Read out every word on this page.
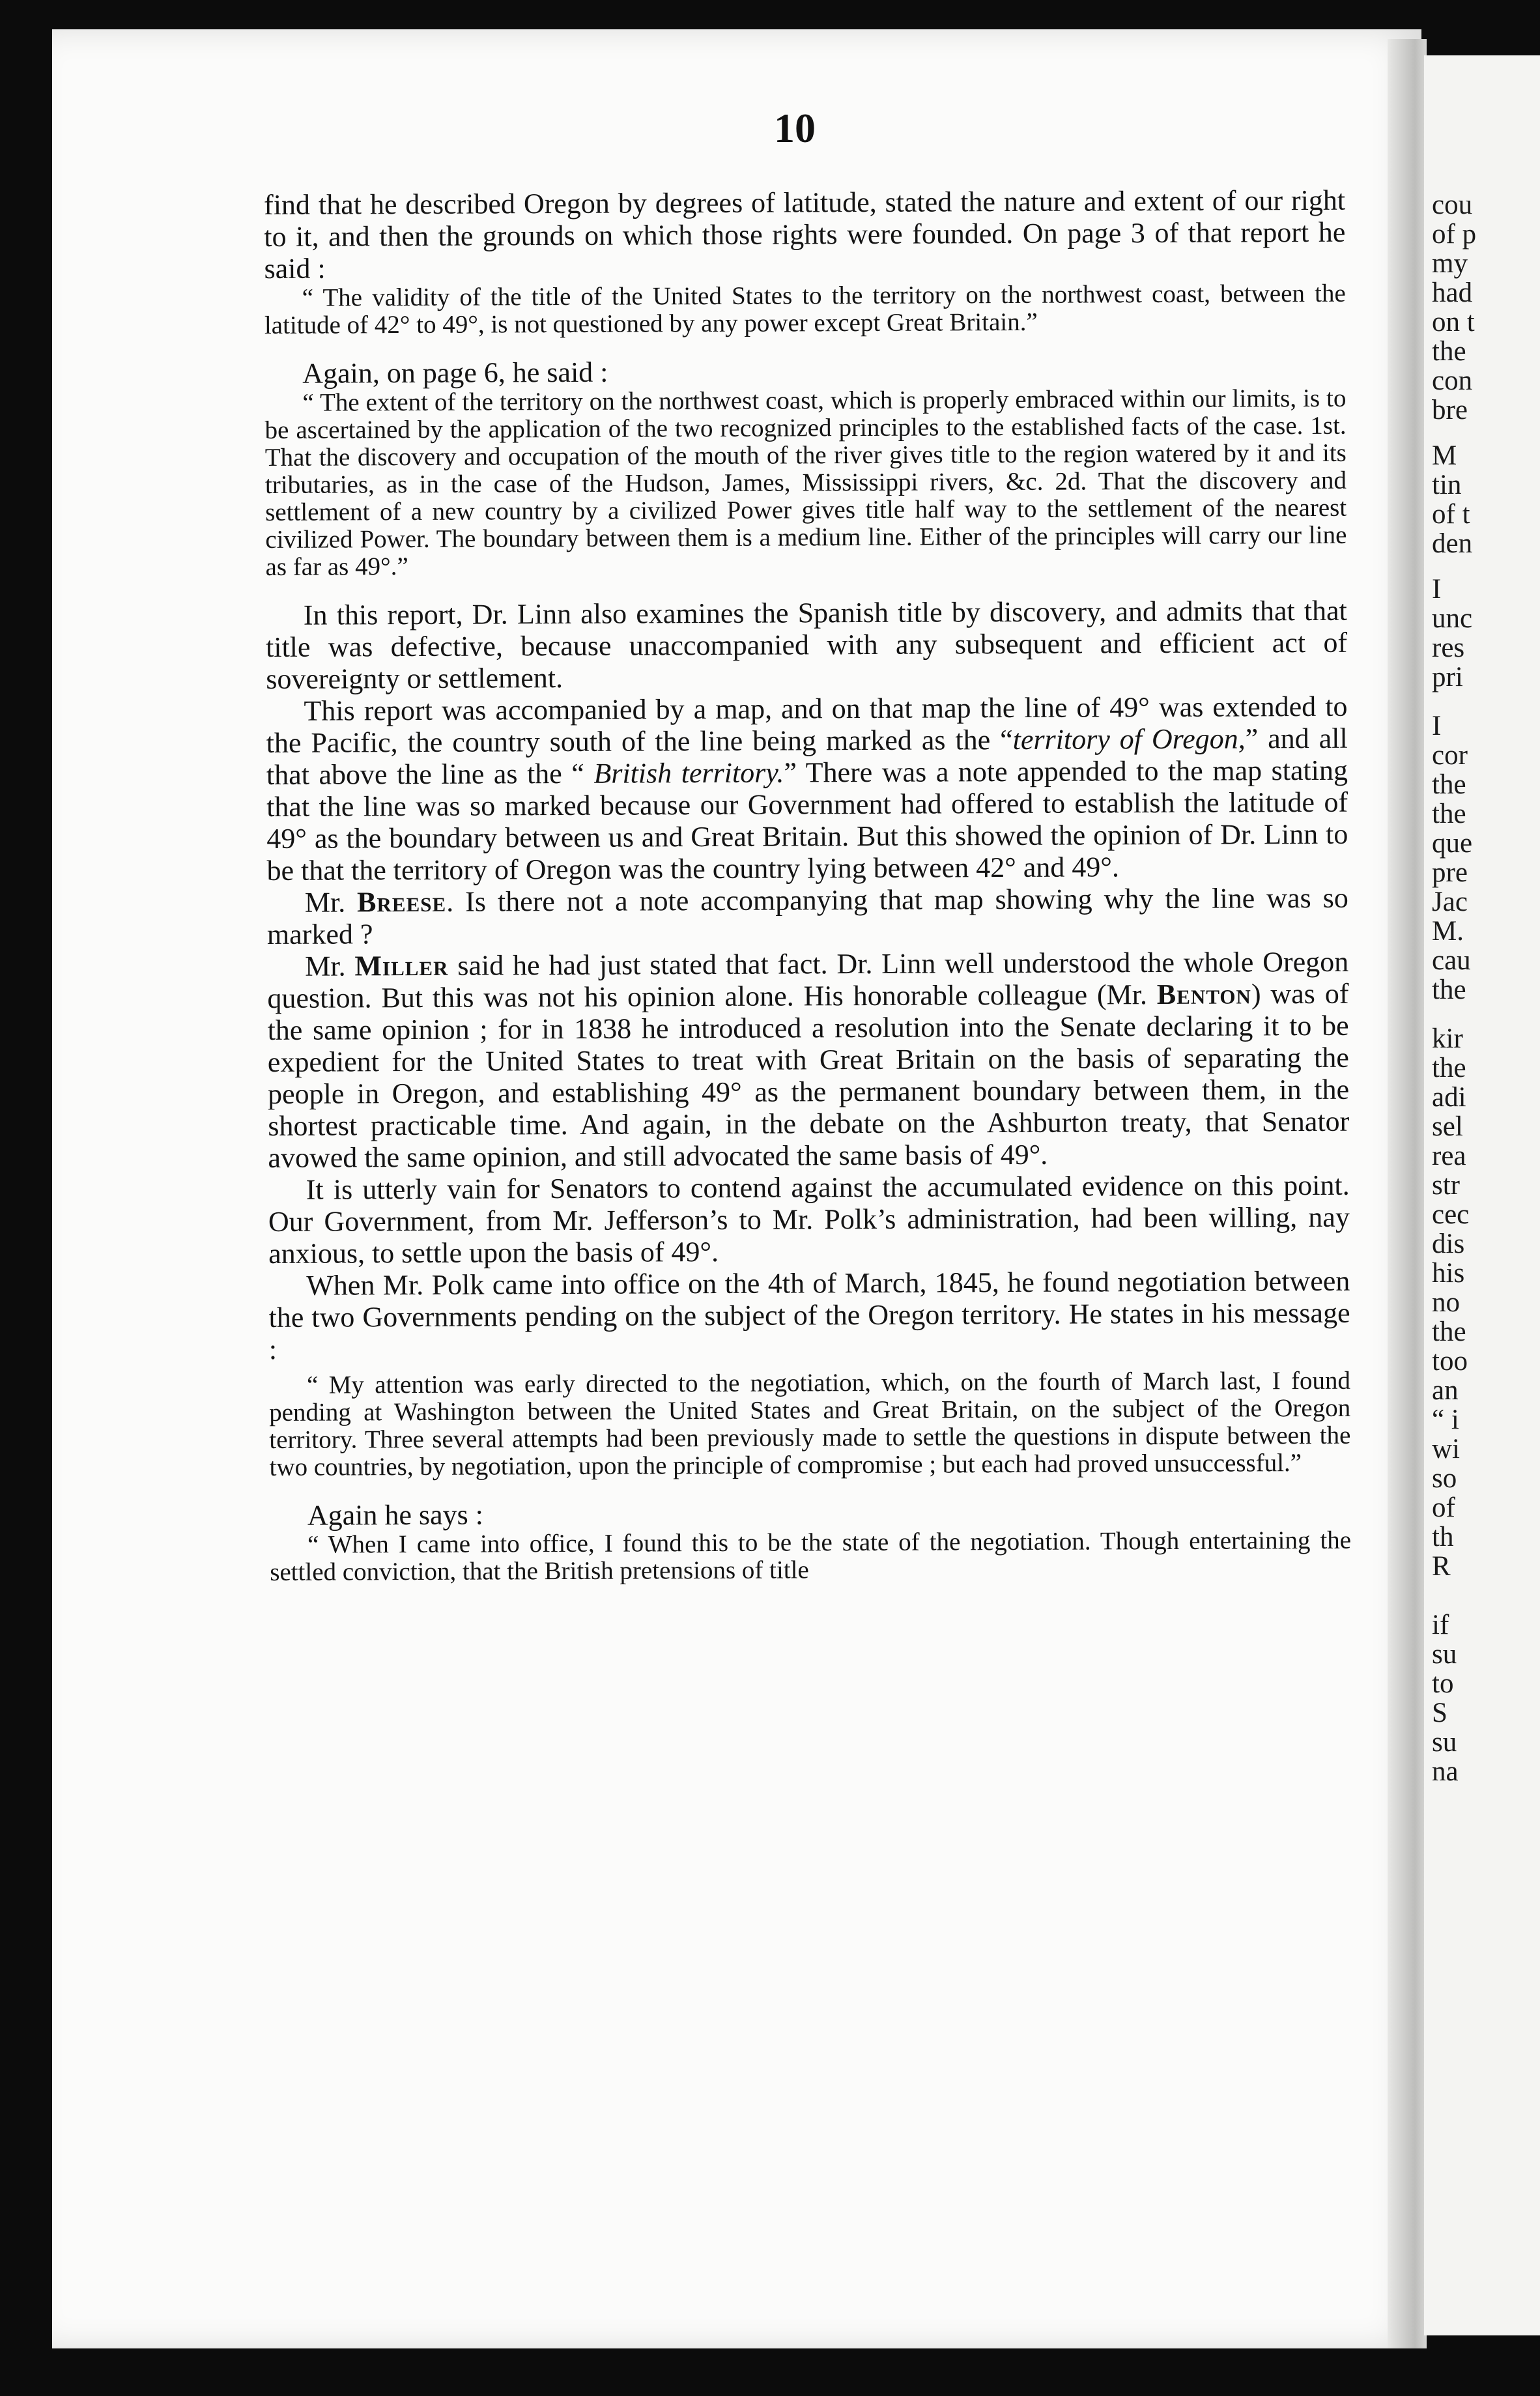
10

find that he described Oregon by degrees of latitude, stated the nature and extent of our right to it, and then the grounds on which those rights were founded. On page 3 of that report he said :

“ The validity of the title of the United States to the territory on the northwest coast, between the latitude of 42° to 49°, is not questioned by any power except Great Britain.”

Again, on page 6, he said :

“ The extent of the territory on the northwest coast, which is properly embraced within our limits, is to be ascertained by the application of the two recognized principles to the established facts of the case. 1st. That the discovery and occupation of the mouth of the river gives title to the region watered by it and its tributaries, as in the case of the Hudson, James, Mississippi rivers, &c. 2d. That the discovery and settlement of a new country by a civilized Power gives title half way to the settlement of the nearest civilized Power. The boundary between them is a medium line. Either of the principles will carry our line as far as 49°.”

In this report, Dr. Linn also examines the Spanish title by discovery, and admits that that title was defective, because unaccompanied with any subsequent and efficient act of sovereignty or settlement.

This report was accompanied by a map, and on that map the line of 49° was extended to the Pacific, the country south of the line being marked as the “territory of Oregon,” and all that above the line as the “ British territory.” There was a note appended to the map stating that the line was so marked because our Government had offered to establish the latitude of 49° as the boundary between us and Great Britain. But this showed the opinion of Dr. Linn to be that the territory of Oregon was the country lying between 42° and 49°.

Mr. Breese. Is there not a note accompanying that map showing why the line was so marked ?

Mr. Miller said he had just stated that fact. Dr. Linn well understood the whole Oregon question. But this was not his opinion alone. His honorable colleague (Mr. Benton) was of the same opinion ; for in 1838 he introduced a resolution into the Senate declaring it to be expedient for the United States to treat with Great Britain on the basis of separating the people in Oregon, and establishing 49° as the permanent boundary between them, in the shortest practicable time. And again, in the debate on the Ashburton treaty, that Senator avowed the same opinion, and still advocated the same basis of 49°.

It is utterly vain for Senators to contend against the accumulated evidence on this point. Our Government, from Mr. Jefferson’s to Mr. Polk’s administration, had been willing, nay anxious, to settle upon the basis of 49°.

When Mr. Polk came into office on the 4th of March, 1845, he found negotiation between the two Governments pending on the subject of the Oregon territory. He states in his message :

“ My attention was early directed to the negotiation, which, on the fourth of March last, I found pending at Washington between the United States and Great Britain, on the subject of the Oregon territory. Three several attempts had been previously made to settle the questions in dispute between the two countries, by negotiation, upon the principle of compromise ; but each had proved unsuccessful.”

Again he says :

“ When I came into office, I found this to be the state of the negotiation. Though entertaining the settled conviction, that the British pretensions of title

cou
of p
my
had
on t
the
con
bre
M
tin
of t
den
I
unc
res
pri
I
cor
the
the
que
pre
Jac
M.
cau
the
kir
the
adi
sel
rea
str
cec
dis
his
no
the
too
an
“ i
wi
so
of
th
R
if
su
to
S
su
na
